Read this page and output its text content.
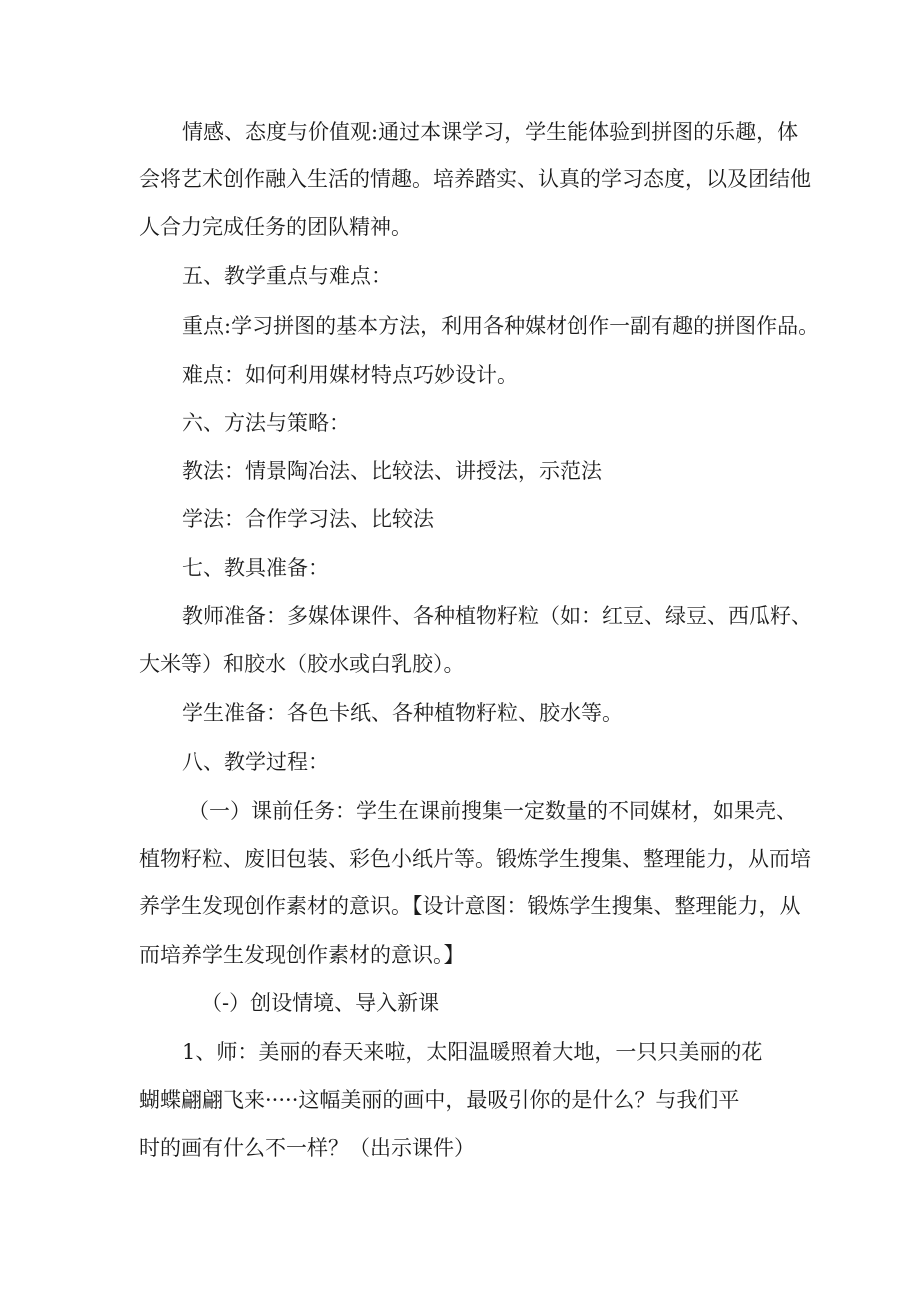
情感、态度与价值观:通过本课学习，学生能体验到拼图的乐趣，体
会将艺术创作融入生活的情趣。培养踏实、认真的学习态度，以及团结他
人合力完成任务的团队精神。
五、教学重点与难点：
重点:学习拼图的基本方法，利用各种媒材创作一副有趣的拼图作品。
难点：如何利用媒材特点巧妙设计。
六、方法与策略：
教法：情景陶冶法、比较法、讲授法，示范法
学法：合作学习法、比较法
七、教具准备：
教师准备：多媒体课件、各种植物籽粒（如：红豆、绿豆、西瓜籽、
大米等）和胶水（胶水或白乳胶）。
学生准备：各色卡纸、各种植物籽粒、胶水等。
八、教学过程：
（一）课前任务：学生在课前搜集一定数量的不同媒材，如果壳、
植物籽粒、废旧包装、彩色小纸片等。锻炼学生搜集、整理能力，从而培
养学生发现创作素材的意识。【设计意图：锻炼学生搜集、整理能力，从
而培养学生发现创作素材的意识。】
（-）创设情境、导入新课
1、师：美丽的春天来啦，太阳温暖照着大地，一只只美丽的花
蝴蝶翩翩飞来·····这幅美丽的画中，最吸引你的是什么？与我们平
时的画有什么不一样？（出示课件）
